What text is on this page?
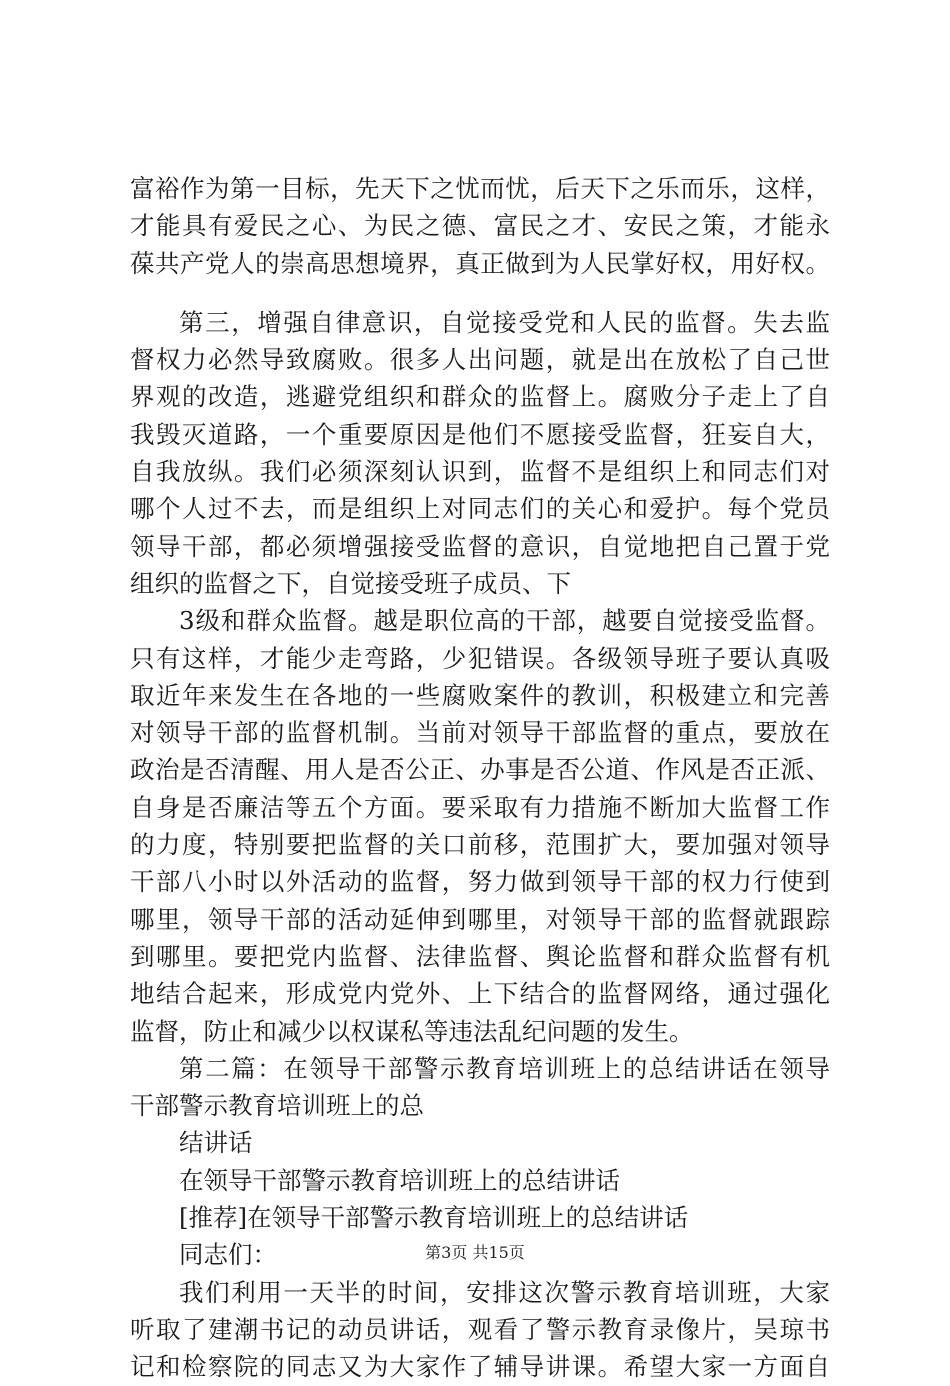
富裕作为第一目标，先天下之忧而忧，后天下之乐而乐，这样，
才能具有爱民之心、为民之德、富民之才、安民之策，才能永
葆共产党人的崇高思想境界，真正做到为人民掌好权，用好权。
第三，增强自律意识，自觉接受党和人民的监督。失去监
督权力必然导致腐败。很多人出问题，就是出在放松了自己世
界观的改造，逃避党组织和群众的监督上。腐败分子走上了自
我毁灭道路，一个重要原因是他们不愿接受监督，狂妄自大，
自我放纵。我们必须深刻认识到，监督不是组织上和同志们对
哪个人过不去，而是组织上对同志们的关心和爱护。每个党员
领导干部，都必须增强接受监督的意识，自觉地把自己置于党
组织的监督之下，自觉接受班子成员、下
3级和群众监督。越是职位高的干部，越要自觉接受监督。
只有这样，才能少走弯路，少犯错误。各级领导班子要认真吸
取近年来发生在各地的一些腐败案件的教训，积极建立和完善
对领导干部的监督机制。当前对领导干部监督的重点，要放在
政治是否清醒、用人是否公正、办事是否公道、作风是否正派、
自身是否廉洁等五个方面。要采取有力措施不断加大监督工作
的力度，特别要把监督的关口前移，范围扩大，要加强对领导
干部八小时以外活动的监督，努力做到领导干部的权力行使到
哪里，领导干部的活动延伸到哪里，对领导干部的监督就跟踪
到哪里。要把党内监督、法律监督、舆论监督和群众监督有机
地结合起来，形成党内党外、上下结合的监督网络，通过强化
监督，防止和减少以权谋私等违法乱纪问题的发生。
第二篇：在领导干部警示教育培训班上的总结讲话在领导
干部警示教育培训班上的总
结讲话
在领导干部警示教育培训班上的总结讲话
[推荐]在领导干部警示教育培训班上的总结讲话
同志们：
我们利用一天半的时间，安排这次警示教育培训班，大家
听取了建潮书记的动员讲话，观看了警示教育录像片，吴琼书
记和检察院的同志又为大家作了辅导讲课。希望大家一方面自
第3页 共15页
